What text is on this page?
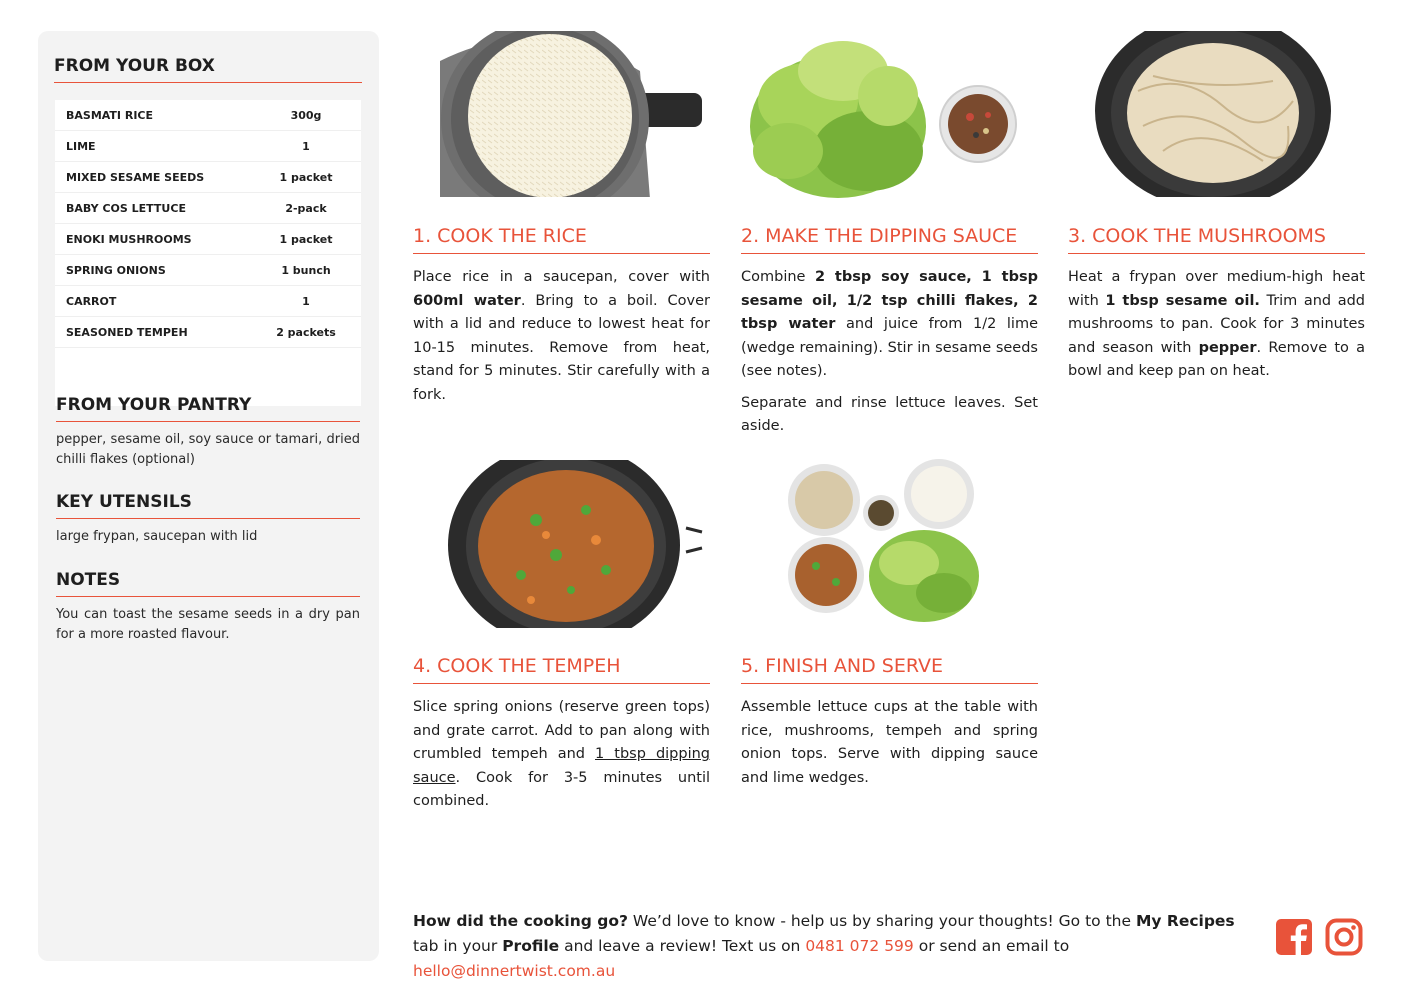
FROM YOUR BOX
BASMATI RICE	300g
LIME	1
MIXED SESAME SEEDS	1 packet
BABY COS LETTUCE	2-pack
ENOKI MUSHROOMS	1 packet
SPRING ONIONS	1 bunch
CARROT	1
SEASONED TEMPEH	2 packets
FROM YOUR PANTRY
pepper, sesame oil, soy sauce or tamari, dried chilli flakes (optional)
KEY UTENSILS
large frypan, saucepan with lid
NOTES
You can toast the sesame seeds in a dry pan for a more roasted flavour.
1. COOK THE RICE

Place rice in a saucepan, cover with 600ml water. Bring to a boil. Cover with a lid and reduce to lowest heat for 10-15 minutes. Remove from heat, stand for 5 minutes. Stir carefully with a fork.

2. MAKE THE DIPPING SAUCE

Combine 2 tbsp soy sauce, 1 tbsp sesame oil, 1/2 tsp chilli flakes, 2 tbsp water and juice from 1/2 lime (wedge remaining). Stir in sesame seeds (see notes).

Separate and rinse lettuce leaves. Set aside.

3. COOK THE MUSHROOMS

Heat a frypan over medium-high heat with 1 tbsp sesame oil. Trim and add mushrooms to pan. Cook for 3 minutes and season with pepper. Remove to a bowl and keep pan on heat.

4. COOK THE TEMPEH

Slice spring onions (reserve green tops) and grate carrot. Add to pan along with crumbled tempeh and 1 tbsp dipping sauce. Cook for 3-5 minutes until combined.

5. FINISH AND SERVE

Assemble lettuce cups at the table with rice, mushrooms, tempeh and spring onion tops. Serve with dipping sauce and lime wedges.

How did the cooking go? We’d love to know - help us by sharing your thoughts! Go to the My Recipes tab in your Profile and leave a review! Text us on 0481 072 599 or send an email to hello@dinnertwist.com.au
